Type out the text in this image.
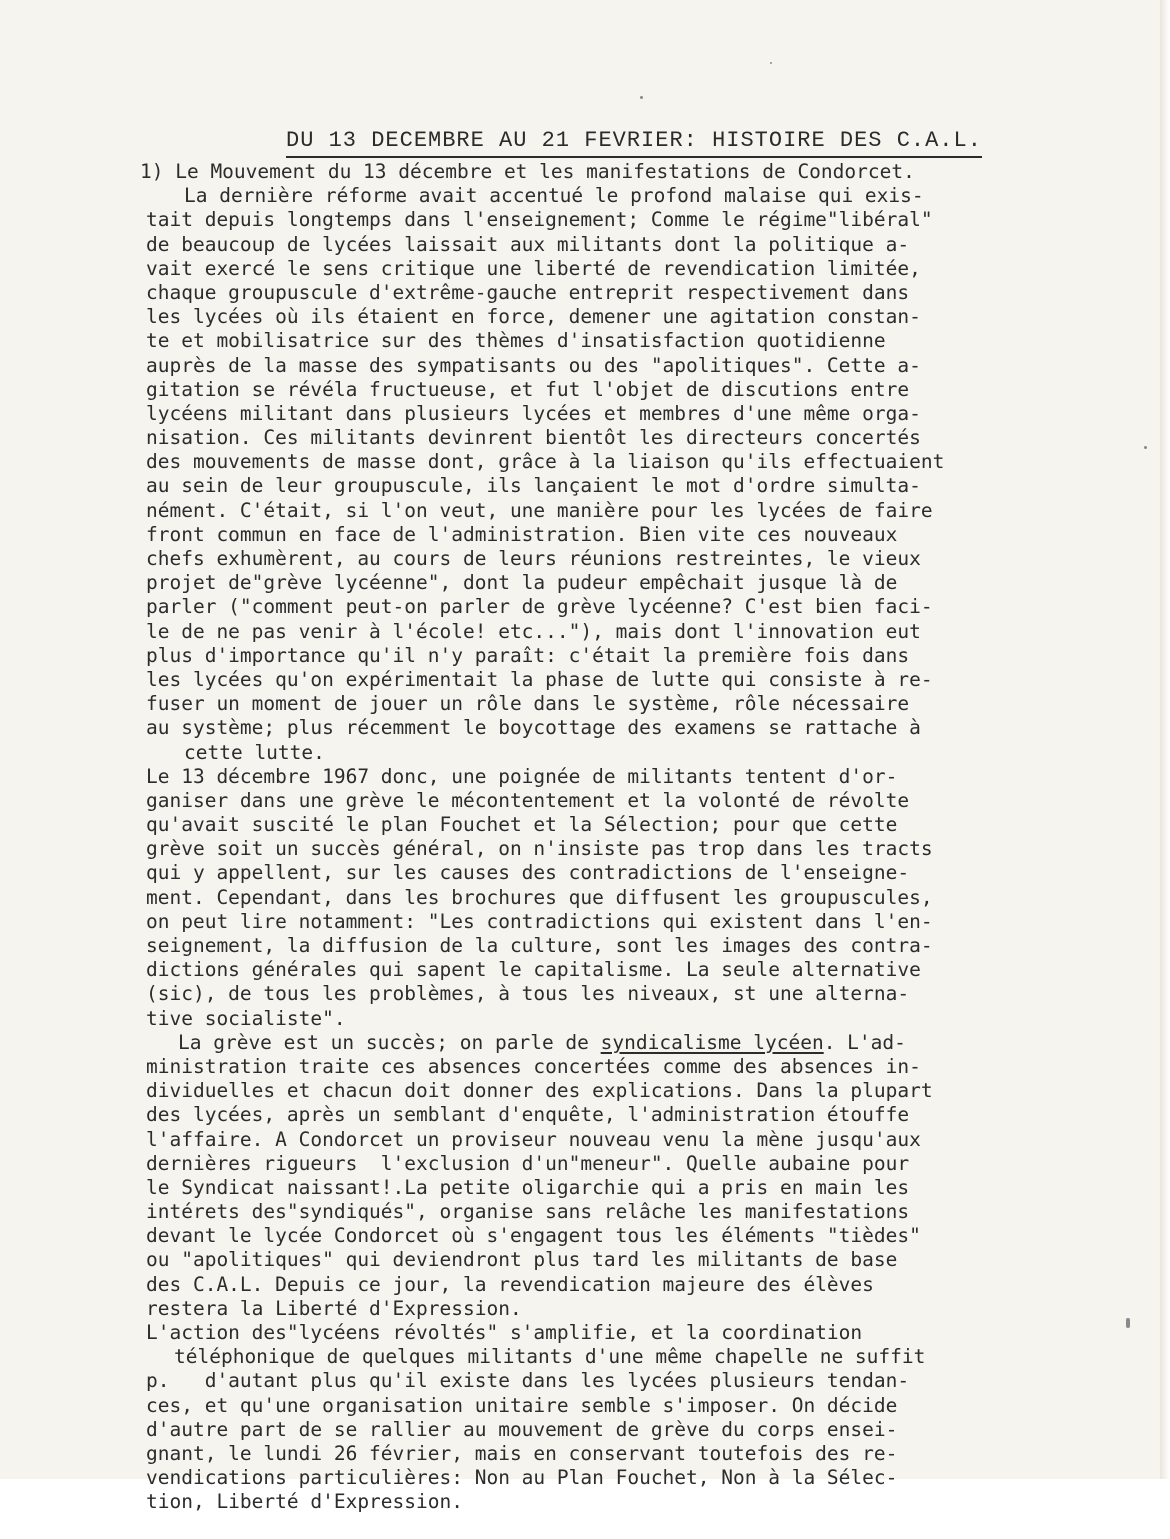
DU 13 DECEMBRE AU 21 FEVRIER: HISTOIRE DES C.A.L.
1) Le Mouvement du 13 décembre et les manifestations de Condorcet.
La dernière réforme avait accentué le profond malaise qui exis-
tait depuis longtemps dans l'enseignement; Comme le régime"libéral"
de beaucoup de lycées laissait aux militants dont la politique a-
vait exercé le sens critique une liberté de revendication limitée,
chaque groupuscule d'extrême-gauche entreprit respectivement dans
les lycées où ils étaient en force, demener une agitation constan-
te et mobilisatrice sur des thèmes d'insatisfaction quotidienne
auprès de la masse des sympatisants ou des "apolitiques". Cette a-
gitation se révéla fructueuse, et fut l'objet de discutions entre
lycéens militant dans plusieurs lycées et membres d'une même orga-
nisation. Ces militants devinrent bientôt les directeurs concertés
des mouvements de masse dont, grâce à la liaison qu'ils effectuaient
au sein de leur groupuscule, ils lançaient le mot d'ordre simulta-
nément. C'était, si l'on veut, une manière pour les lycées de faire
front commun en face de l'administration. Bien vite ces nouveaux
chefs exhumèrent, au cours de leurs réunions restreintes, le vieux
projet de"grève lycéenne", dont la pudeur empêchait jusque là de
parler ("comment peut-on parler de grève lycéenne? C'est bien faci-
le de ne pas venir à l'école! etc..."), mais dont l'innovation eut
plus d'importance qu'il n'y paraît: c'était la première fois dans
les lycées qu'on expérimentait la phase de lutte qui consiste à re-
fuser un moment de jouer un rôle dans le système, rôle nécessaire
au système; plus récemment le boycottage des examens se rattache à
cette lutte.
Le 13 décembre 1967 donc, une poignée de militants tentent d'or-
ganiser dans une grève le mécontentement et la volonté de révolte
qu'avait suscité le plan Fouchet et la Sélection; pour que cette
grève soit un succès général, on n'insiste pas trop dans les tracts
qui y appellent, sur les causes des contradictions de l'enseigne-
ment. Cependant, dans les brochures que diffusent les groupuscules,
on peut lire notamment: "Les contradictions qui existent dans l'en-
seignement, la diffusion de la culture, sont les images des contra-
dictions générales qui sapent le capitalisme. La seule alternative
(sic), de tous les problèmes, à tous les niveaux, st une alterna-
tive socialiste".
La grève est un succès; on parle de syndicalisme lycéen. L'ad-
ministration traite ces absences concertées comme des absences in-
dividuelles et chacun doit donner des explications. Dans la plupart
des lycées, après un semblant d'enquête, l'administration étouffe
l'affaire. A Condorcet un proviseur nouveau venu la mène jusqu'aux
dernières rigueurs  l'exclusion d'un"meneur". Quelle aubaine pour
le Syndicat naissant!.La petite oligarchie qui a pris en main les
intérets des"syndiqués", organise sans relâche les manifestations
devant le lycée Condorcet où s'engagent tous les éléments "tièdes"
ou "apolitiques" qui deviendront plus tard les militants de base
des C.A.L. Depuis ce jour, la revendication majeure des élèves
restera la Liberté d'Expression.
L'action des"lycéens révoltés" s'amplifie, et la coordination
téléphonique de quelques militants d'une même chapelle ne suffit
p.   d'autant plus qu'il existe dans les lycées plusieurs tendan-
ces, et qu'une organisation unitaire semble s'imposer. On décide
d'autre part de se rallier au mouvement de grève du corps ensei-
gnant, le lundi 26 février, mais en conservant toutefois des re-
vendications particulières: Non au Plan Fouchet, Non à la Sélec-
tion, Liberté d'Expression.
